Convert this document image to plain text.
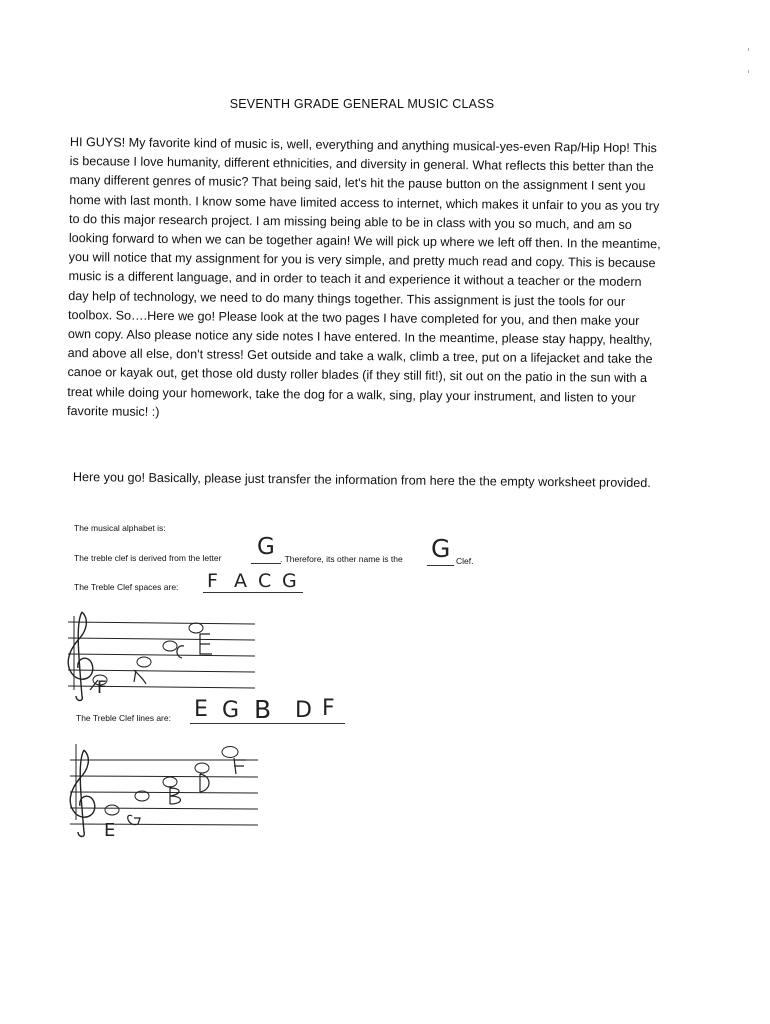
SEVENTH GRADE GENERAL MUSIC CLASS
HI GUYS! My favorite kind of music is, well, everything and anything musical-yes-even Rap/Hip Hop! This is because I love humanity, different ethnicities, and diversity in general. What reflects this better than the many different genres of music? That being said, let's hit the pause button on the assignment I sent you home with last month. I know some have limited access to internet, which makes it unfair to you as you try to do this major research project. I am missing being able to be in class with you so much, and am so looking forward to when we can be together again! We will pick up where we left off then. In the meantime, you will notice that my assignment for you is very simple, and pretty much read and copy. This is because music is a different language, and in order to teach it and experience it without a teacher or the modern day help of technology, we need to do many things together. This assignment is just the tools for our toolbox. So….Here we go! Please look at the two pages I have completed for you, and then make your own copy. Also please notice any side notes I have entered. In the meantime, please stay happy, healthy, and above all else, don't stress! Get outside and take a walk, climb a tree, put on a lifejacket and take the canoe or kayak out, get those old dusty roller blades (if they still fit!), sit out on the patio in the sun with a treat while doing your homework, take the dog for a walk, sing, play your instrument, and listen to your favorite music! :)
Here you go! Basically, please just transfer the information from here the the empty worksheet provided.
The musical alphabet is:
The treble clef is derived from the letter G . Therefore, its other name is the G Clef.
The Treble Clef spaces are: F A C G
F
The Treble Clef lines are: E G B D F
E
